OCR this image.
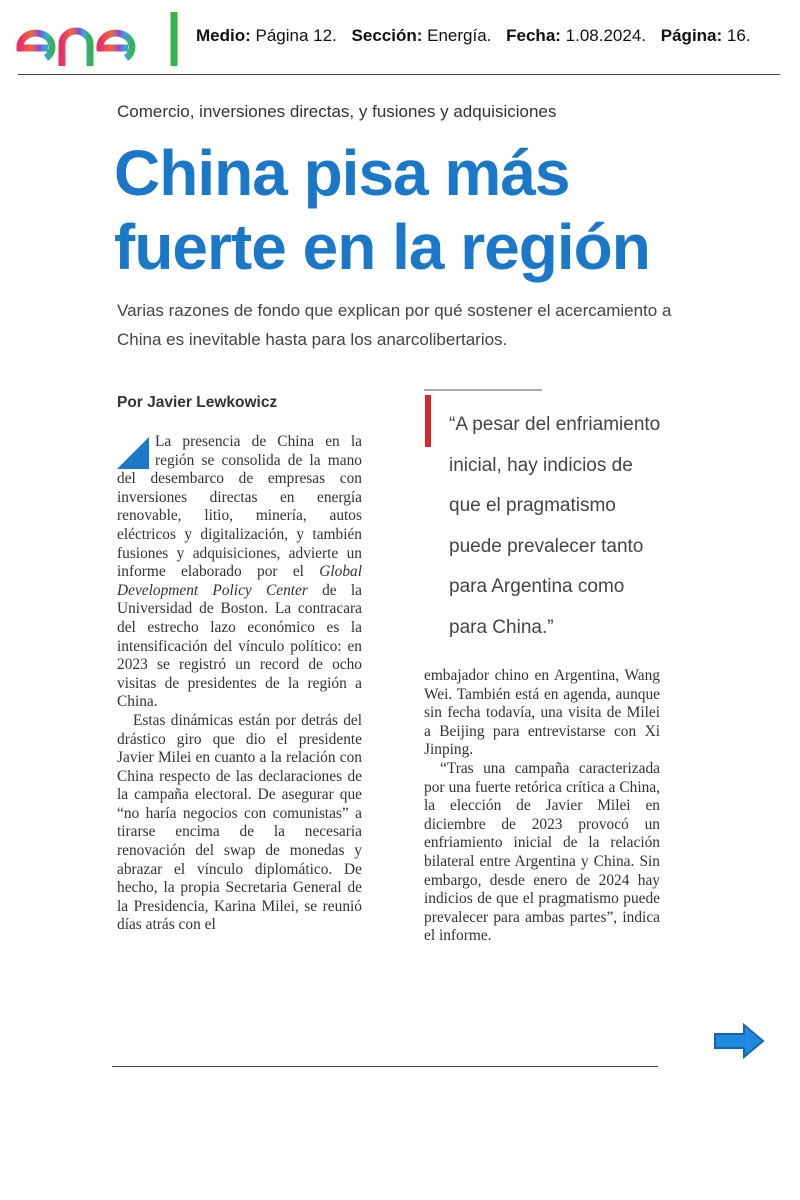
Medio: Página 12. Sección: Energía. Fecha: 1.08.2024. Página: 16.
Comercio, inversiones directas, y fusiones y adquisiciones
China pisa más fuerte en la región
Varias razones de fondo que explican por qué sostener el acercamiento a China es inevitable hasta para los anarcolibertarios.
Por Javier Lewkowicz

La presencia de China en la región se consolida de la mano del desembarco de empresas con inversiones directas en energía renovable, litio, minería, autos eléctricos y digitalización, y también fusiones y adquisiciones, advierte un informe elaborado por el Global Development Policy Center de la Universidad de Boston. La contracara del estrecho lazo económico es la intensificación del vínculo político: en 2023 se registró un record de ocho visitas de presidentes de la región a China.

Estas dinámicas están por detrás del drástico giro que dio el presidente Javier Milei en cuanto a la relación con China respecto de las declaraciones de la campaña electoral. De asegurar que “no haría negocios con comunistas” a tirarse encima de la necesaria renovación del swap de monedas y abrazar el vínculo diplomático. De hecho, la propia Secretaria General de la Presidencia, Karina Milei, se reunió días atrás con el

“A pesar del enfriamiento inicial, hay indicios de que el pragmatismo puede prevalecer tanto para Argentina como para China.”

embajador chino en Argentina, Wang Wei. También está en agenda, aunque sin fecha todavía, una visita de Milei a Beijing para entrevistarse con Xi Jinping.

“Tras una campaña caracterizada por una fuerte retórica crítica a China, la elección de Javier Milei en diciembre de 2023 provocó un enfriamiento inicial de la relación bilateral entre Argentina y China. Sin embargo, desde enero de 2024 hay indicios de que el pragmatismo puede prevalecer para ambas partes”, indica el informe.
